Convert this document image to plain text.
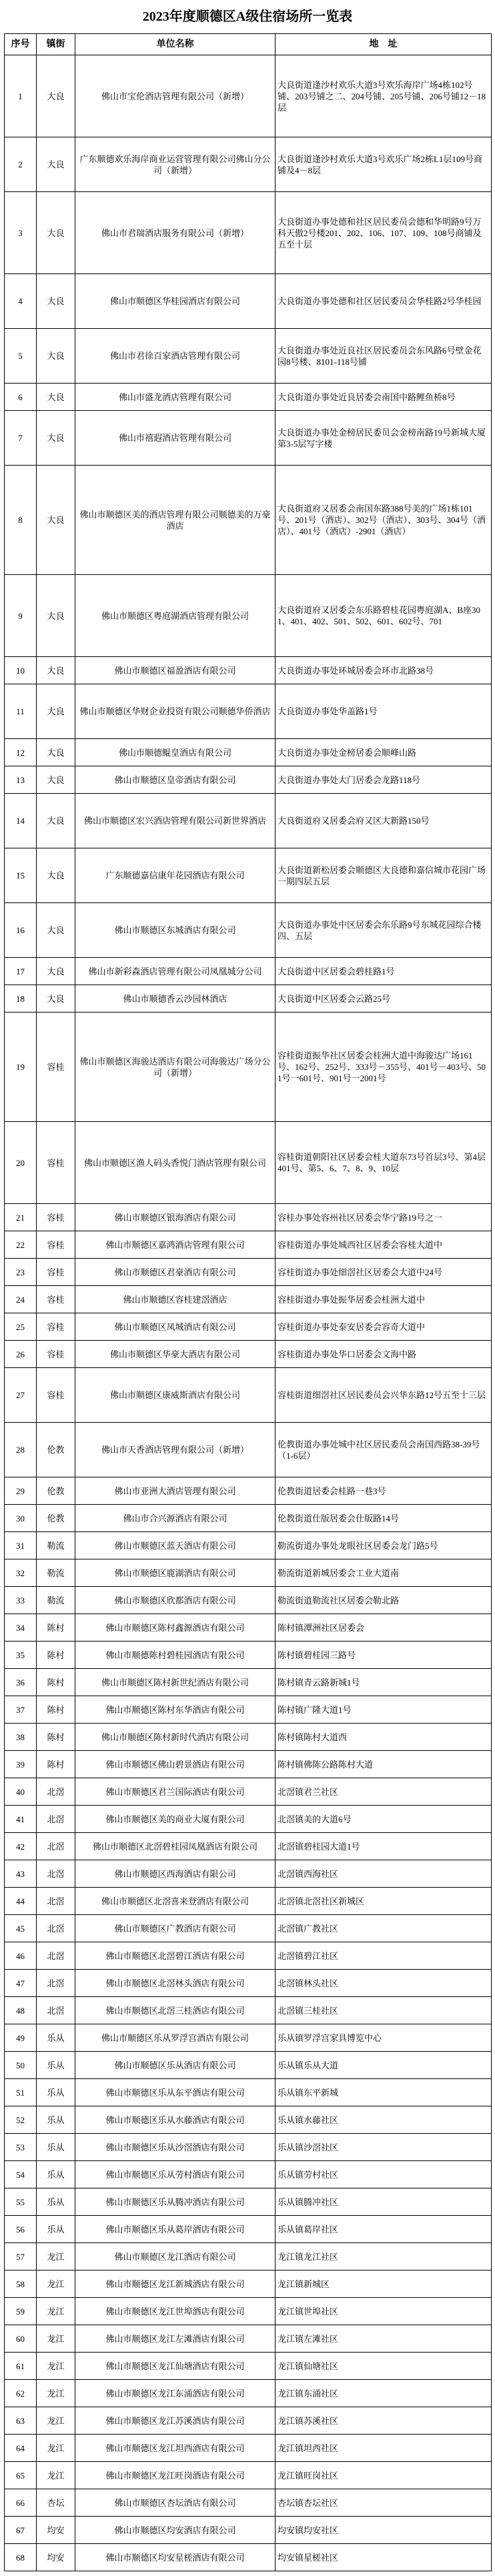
2023年度顺德区A级住宿场所一览表
序号	镇街	单位名称	地　址
1	大良	佛山市宝伦酒店管理有限公司（新增）	大良街道逢沙村欢乐大道3号欢乐海岸广场4栋102号铺、203号铺之二、204号铺、205号铺、206号铺12－18层
2	大良	广东顺德欢乐海岸商业运营管理有限公司佛山分公司（新增）	大良街道逢沙村欢乐大道3号欢乐广场2栋L1层109号商铺及4－8层
3	大良	佛山市君瑞酒店服务有限公司（新增）	大良街道办事处德和社区居民委员会德和华明路9号万科天傲2号楼201、202、106、107、109、108号商铺及五至十层
4	大良	佛山市顺德区华桂园酒店有限公司	大良街道办事处德和社区居民委员会华桂路2号华桂园
5	大良	佛山市君徐百家酒店管理有限公司	大良街道办事处近良社区居民委员会东风路6号壁金花园8号楼、8101-118号铺
6	大良	佛山市盛龙酒店管理有限公司	大良街道办事处近良居委会南国中路鲤鱼桥8号
7	大良	佛山市禧遐酒店管理有限公司	大良街道办事处金榜居民委员会金榜南路19号新城大厦第3-5层写字楼
8	大良	佛山市顺德区美的酒店管理有限公司顺德美的万豪酒店	大良街道府又居委会南国东路388号美的广场1栋101号、201号（酒店）、302号（酒店）、303号、304号（酒店）、401号（酒店）-2901（酒店）
9	大良	佛山市顺德区粤庭湖酒店管理有限公司	大良街道府又居委会东乐路碧桂花园粤庭湖A、B座301、401、402、501、502、601、602号、701
10	大良	佛山市顺德区福盈酒店有限公司	大良街道办事处环城居委会环市北路38号
11	大良	佛山市顺德区华财企业投资有限公司顺德华侨酒店	大良街道办事处华盖路1号
12	大良	佛山市顺德鲲皇酒店有限公司	大良街道办事处金榜居委会顺峰山路
13	大良	佛山市顺德区皇帝酒店有限公司	大良街道办事处大门居委会龙路118号
14	大良	佛山市顺德区宏兴酒店管理有限公司新世界酒店	大良街道府又居委会府又区大新路150号
15	大良	广东顺德嘉信康年花园酒店有限公司	大良街道新松居委会顺德区大良德和嘉信城市花园广场一期四层五层
16	大良	佛山市顺德区东城酒店有限公司	大良街道办事处中区居委会东乐路9号东城花园综合楼四、五层
17	大良	佛山市新彩森酒店管理有限公司凤凰城分公司	大良街道中区居委会碧桂路1号
18	大良	佛山市顺德香云沙园林酒店	大良街道中区居委会云路25号
19	容桂	佛山市顺德区海骏达酒店有限公司海骏达广场分公司（新增）	容桂街道振华社区居委会桂洲大道中海骏达广场161号、162号、252号、333号－355号、401号－403号、501号一601号、901号一2001号
20	容桂	佛山市顺德区渔人码头香悦门酒店管理有限公司	容桂街道朝阳社区居委会桂大道东73号首层3号、第4层401号、第5、6、7、8、9、10层
21	容桂	佛山市顺德区银海酒店有限公司	容桂办事处容州社区居委会华宁路19号之一
22	容桂	佛山市顺德区嘉鸿酒店管理有限公司	容桂街道办事处城西社区居委会容桂大道中
23	容桂	佛山市顺德区君豪酒店有限公司	容桂街道办事处细滘社区居委会大道中24号
24	容桂	佛山市顺德区容桂建滘酒店	容桂街道办事处振华居委会桂洲大道中
25	容桂	佛山市顺德区凤城酒店有限公司	容桂街道办事处泰安居委会容奇大道中
26	容桂	佛山市顺德区华豪大酒店有限公司	容桂街道办事处华口居委会文海中路
27	容桂	佛山市顺德区康威斯酒店有限公司	容桂街道细滘社区居民委员会兴华东路12号五至十三层
28	伦教	佛山市天香酒店管理有限公司（新增）	伦教街道办事处城中社区居民委员会南国西路38-39号（1-6层）
29	伦教	佛山市亚洲大酒店管理有限公司	伦教街道居委会桂路一巷3号
30	伦教	佛山市合兴源酒店有限公司	伦教街道仕版居委会仕版路14号
31	勒流	佛山市顺德区蓝天酒店有限公司	勒流街道办事处龙眼社区居委会龙门路5号
32	勒流	佛山市顺德区鹿湖酒店有限公司	勒流街道新城居委会工业大道南
33	勒流	佛山市顺德区欣都酒店有限公司	勒流街道勒流社区居委会勒北路
34	陈村	佛山市顺德区陈村鑫源酒店有限公司	陈村镇潭洲社区居委会
35	陈村	佛山市顺德陈村碧桂园酒店有限公司	陈村镇碧桂园三路号
36	陈村	佛山市顺德区陈村新世纪酒店有限公司	陈村镇青云路新城1号
37	陈村	佛山市顺德区陈村东华酒店有限公司	陈村镇广隆大道1号
38	陈村	佛山市顺德区陈村新时代酒店有限公司	陈村镇陈村大道西
39	陈村	佛山市顺德区佛山碧景酒店有限公司	陈村镇佛陈公路陈村大道
40	北滘	佛山市顺德区君兰国际酒店有限公司	北滘镇君兰社区
41	北滘	佛山市顺德区美的商业大厦有限公司	北滘镇美的大道6号
42	北滘	佛山市顺德区北滘碧桂园凤凰酒店有限公司	北滘镇碧桂园大道1号
43	北滘	佛山市顺德区西海酒店有限公司	北滘镇西海社区
44	北滘	佛山市顺德区北滘喜来登酒店有限公司	北滘镇北滘社区新城区
45	北滘	佛山市顺德区广教酒店有限公司	北滘镇广教社区
46	北滘	佛山市顺德区北滘碧江酒店有限公司	北滘镇碧江社区
47	北滘	佛山市顺德区北滘林头酒店有限公司	北滘镇林头社区
48	北滘	佛山市顺德区北滘三桂酒店有限公司	北滘镇三桂社区
49	乐从	佛山市顺德区乐从罗浮宫酒店有限公司	乐从镇罗浮宫家具博览中心
50	乐从	佛山市顺德区乐从酒店有限公司	乐从镇乐从大道
51	乐从	佛山市顺德区乐从东平酒店有限公司	乐从镇东平新城
52	乐从	佛山市顺德区乐从水藤酒店有限公司	乐从镇水藤社区
53	乐从	佛山市顺德区乐从沙滘酒店有限公司	乐从镇沙滘社区
54	乐从	佛山市顺德区乐从劳村酒店有限公司	乐从镇劳村社区
55	乐从	佛山市顺德区乐从腾冲酒店有限公司	乐从镇腾冲社区
56	乐从	佛山市顺德区乐从葛岸酒店有限公司	乐从镇葛岸社区
57	龙江	佛山市顺德区龙江酒店有限公司	龙江镇龙江社区
58	龙江	佛山市顺德区龙江新城酒店有限公司	龙江镇新城区
59	龙江	佛山市顺德区龙江世埠酒店有限公司	龙江镇世埠社区
60	龙江	佛山市顺德区龙江左滩酒店有限公司	龙江镇左滩社区
61	龙江	佛山市顺德区龙江仙塘酒店有限公司	龙江镇仙塘社区
62	龙江	佛山市顺德区龙江东涌酒店有限公司	龙江镇东涌社区
63	龙江	佛山市顺德区龙江苏溪酒店有限公司	龙江镇苏溪社区
64	龙江	佛山市顺德区龙江坦西酒店有限公司	龙江镇坦西社区
65	龙江	佛山市顺德区龙江旺岗酒店有限公司	龙江镇旺岗社区
66	杏坛	佛山市顺德区杏坛酒店有限公司	杏坛镇杏坛社区
67	均安	佛山市顺德区均安酒店有限公司	均安镇均安社区
68	均安	佛山市顺德区均安星槎酒店有限公司	均安镇星槎社区
